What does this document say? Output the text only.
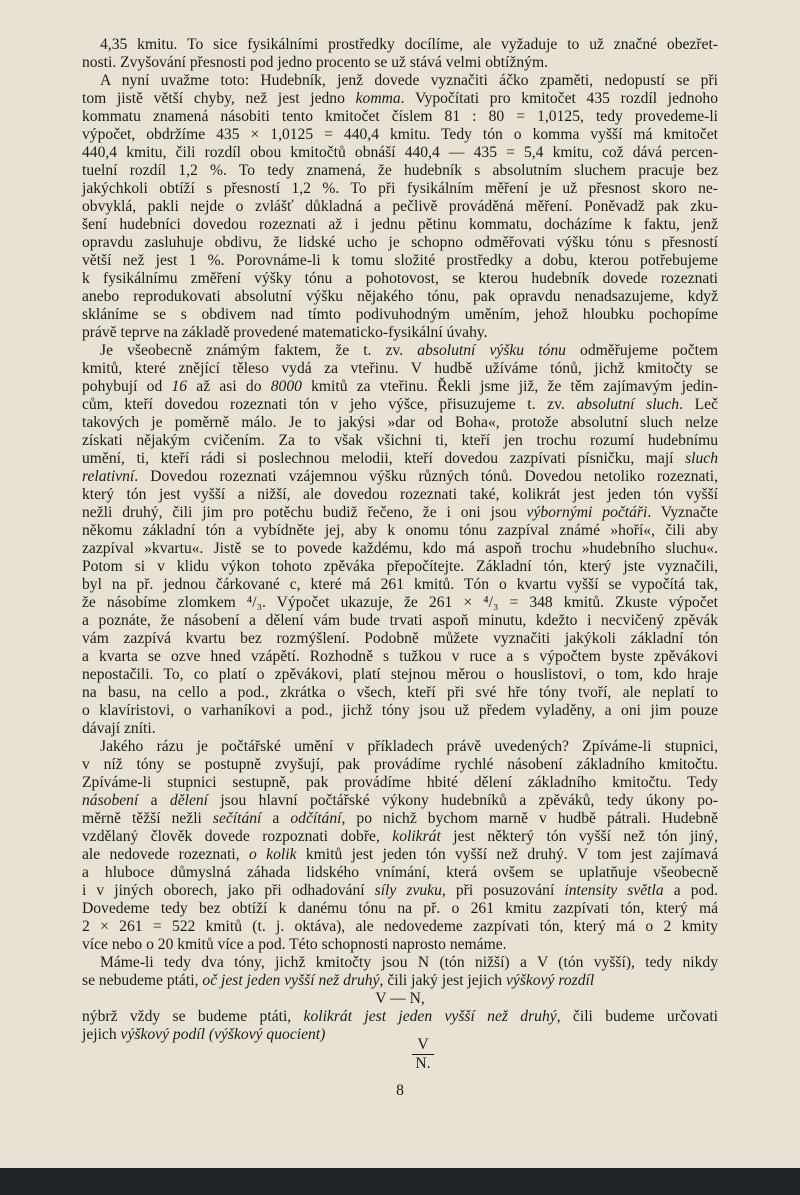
4,35 kmitu. To sice fysikálními prostředky docílíme, ale vyžaduje to už značné obezřet-
nosti. Zvyšování přesnosti pod jedno procento se už stává velmi obtížným.
A nyní uvažme toto: Hudebník, jenž dovede vyznačiti áčko zpaměti, nedopustí se při
tom jistě větší chyby, než jest jedno komma. Vypočítati pro kmitočet 435 rozdíl jednoho
kommatu znamená násobiti tento kmitočet číslem 81 : 80 = 1,0125, tedy provedeme-li
výpočet, obdržíme 435 × 1,0125 = 440,4 kmitu. Tedy tón o komma vyšší má kmitočet
440,4 kmitu, čili rozdíl obou kmitočtů obnáší 440,4 — 435 = 5,4 kmitu, což dává percen-
tuelní rozdíl 1,2 %. To tedy znamená, že hudebník s absolutním sluchem pracuje bez
jakýchkoli obtíží s přesností 1,2 %. To při fysikálním měření je už přesnost skoro ne-
obvyklá, pakli nejde o zvlášť důkladná a pečlivě prováděná měření. Poněvadž pak zku-
šení hudebníci dovedou rozeznati až i jednu pětinu kommatu, docházíme k faktu, jenž
opravdu zasluhuje obdivu, že lidské ucho je schopno odměřovati výšku tónu s přesností
větší než jest 1 %. Porovnáme-li k tomu složité prostředky a dobu, kterou potřebujeme
k fysikálnímu změření výšky tónu a pohotovost, se kterou hudebník dovede rozeznati
anebo reprodukovati absolutní výšku nějakého tónu, pak opravdu nenadsazujeme, když
skláníme se s obdivem nad tímto podivuhodným uměním, jehož hloubku pochopíme
právě teprve na základě provedené matematicko-fysikální úvahy.
Je všeobecně známým faktem, že t. zv. absolutní výšku tónu odměřujeme počtem
kmitů, které znějící těleso vydá za vteřinu. V hudbě užíváme tónů, jichž kmitočty se
pohybují od 16 až asi do 8000 kmitů za vteřinu. Řekli jsme již, že těm zajímavým jedin-
cům, kteří dovedou rozeznati tón v jeho výšce, přisuzujeme t. zv. absolutní sluch. Leč
takových je poměrně málo. Je to jakýsi »dar od Boha«, protože absolutní sluch nelze
získati nějakým cvičením. Za to však všichni ti, kteří jen trochu rozumí hudebnímu
umění, ti, kteří rádi si poslechnou melodii, kteří dovedou zazpívati písničku, mají sluch
relativní. Dovedou rozeznati vzájemnou výšku různých tónů. Dovedou netoliko rozeznati,
který tón jest vyšší a nižší, ale dovedou rozeznati také, kolikrát jest jeden tón vyšší
nežli druhý, čili jim pro potěchu budiž řečeno, že i oni jsou výbornými počtáři. Vyznačte
někomu základní tón a vybídněte jej, aby k onomu tónu zazpíval známé »hoří«, čili aby
zazpíval »kvartu«. Jistě se to povede každému, kdo má aspoň trochu »hudebního sluchu«.
Potom si v klidu výkon tohoto zpěváka přepočítejte. Základní tón, který jste vyznačili,
byl na př. jednou čárkované c, které má 261 kmitů. Tón o kvartu vyšší se vypočítá tak,
že násobíme zlomkem ⁴/₃. Výpočet ukazuje, že 261 × ⁴/₃ = 348 kmitů. Zkuste výpočet
a poznáte, že násobení a dělení vám bude trvati aspoň minutu, kdežto i necvičený zpěvák
vám zazpívá kvartu bez rozmýšlení. Podobně můžete vyznačiti jakýkoli základní tón
a kvarta se ozve hned vzápětí. Rozhodně s tužkou v ruce a s výpočtem byste zpěvákovi
nepostačili. To, co platí o zpěvákovi, platí stejnou měrou o houslistovi, o tom, kdo hraje
na basu, na cello a pod., zkrátka o všech, kteří při své hře tóny tvoří, ale neplatí to
o klavíristovi, o varhaníkovi a pod., jichž tóny jsou už předem vyladěny, a oni jim pouze
dávají zníti.
Jakého rázu je počtářské umění v příkladech právě uvedených? Zpíváme-li stupnici,
v níž tóny se postupně zvyšují, pak provádíme rychlé násobení základního kmitočtu.
Zpíváme-li stupnici sestupně, pak provádíme hbité dělení základního kmitočtu. Tedy
násobení a dělení jsou hlavní počtářské výkony hudebníků a zpěváků, tedy úkony po-
měrně těžší nežli sečítání a odčítání, po nichž bychom marně v hudbě pátrali. Hudebně
vzdělaný člověk dovede rozpoznati dobře, kolikrát jest některý tón vyšší než tón jiný,
ale nedovede rozeznati, o kolik kmitů jest jeden tón vyšší než druhý. V tom jest zajímavá
a hluboce důmyslná záhada lidského vnímání, která ovšem se uplatňuje všeobecně
i v jiných oborech, jako při odhadování síly zvuku, při posuzování intensity světla a pod.
Dovedeme tedy bez obtíží k danému tónu na př. o 261 kmitu zazpívati tón, který má
2 × 261 = 522 kmitů (t. j. oktáva), ale nedovedeme zazpívati tón, který má o 2 kmity
více nebo o 20 kmitů více a pod. Této schopnosti naprosto nemáme.
Máme-li tedy dva tóny, jichž kmitočty jsou N (tón nižší) a V (tón vyšší), tedy nikdy
se nebudeme ptáti, oč jest jeden vyšší než druhý, čili jaký jest jejich výškový rozdíl
V — N,
nýbrž vždy se budeme ptáti, kolikrát jest jeden vyšší než druhý, čili budeme určovati
jejich výškový podíl (výškový quocient)
V
N.
8
